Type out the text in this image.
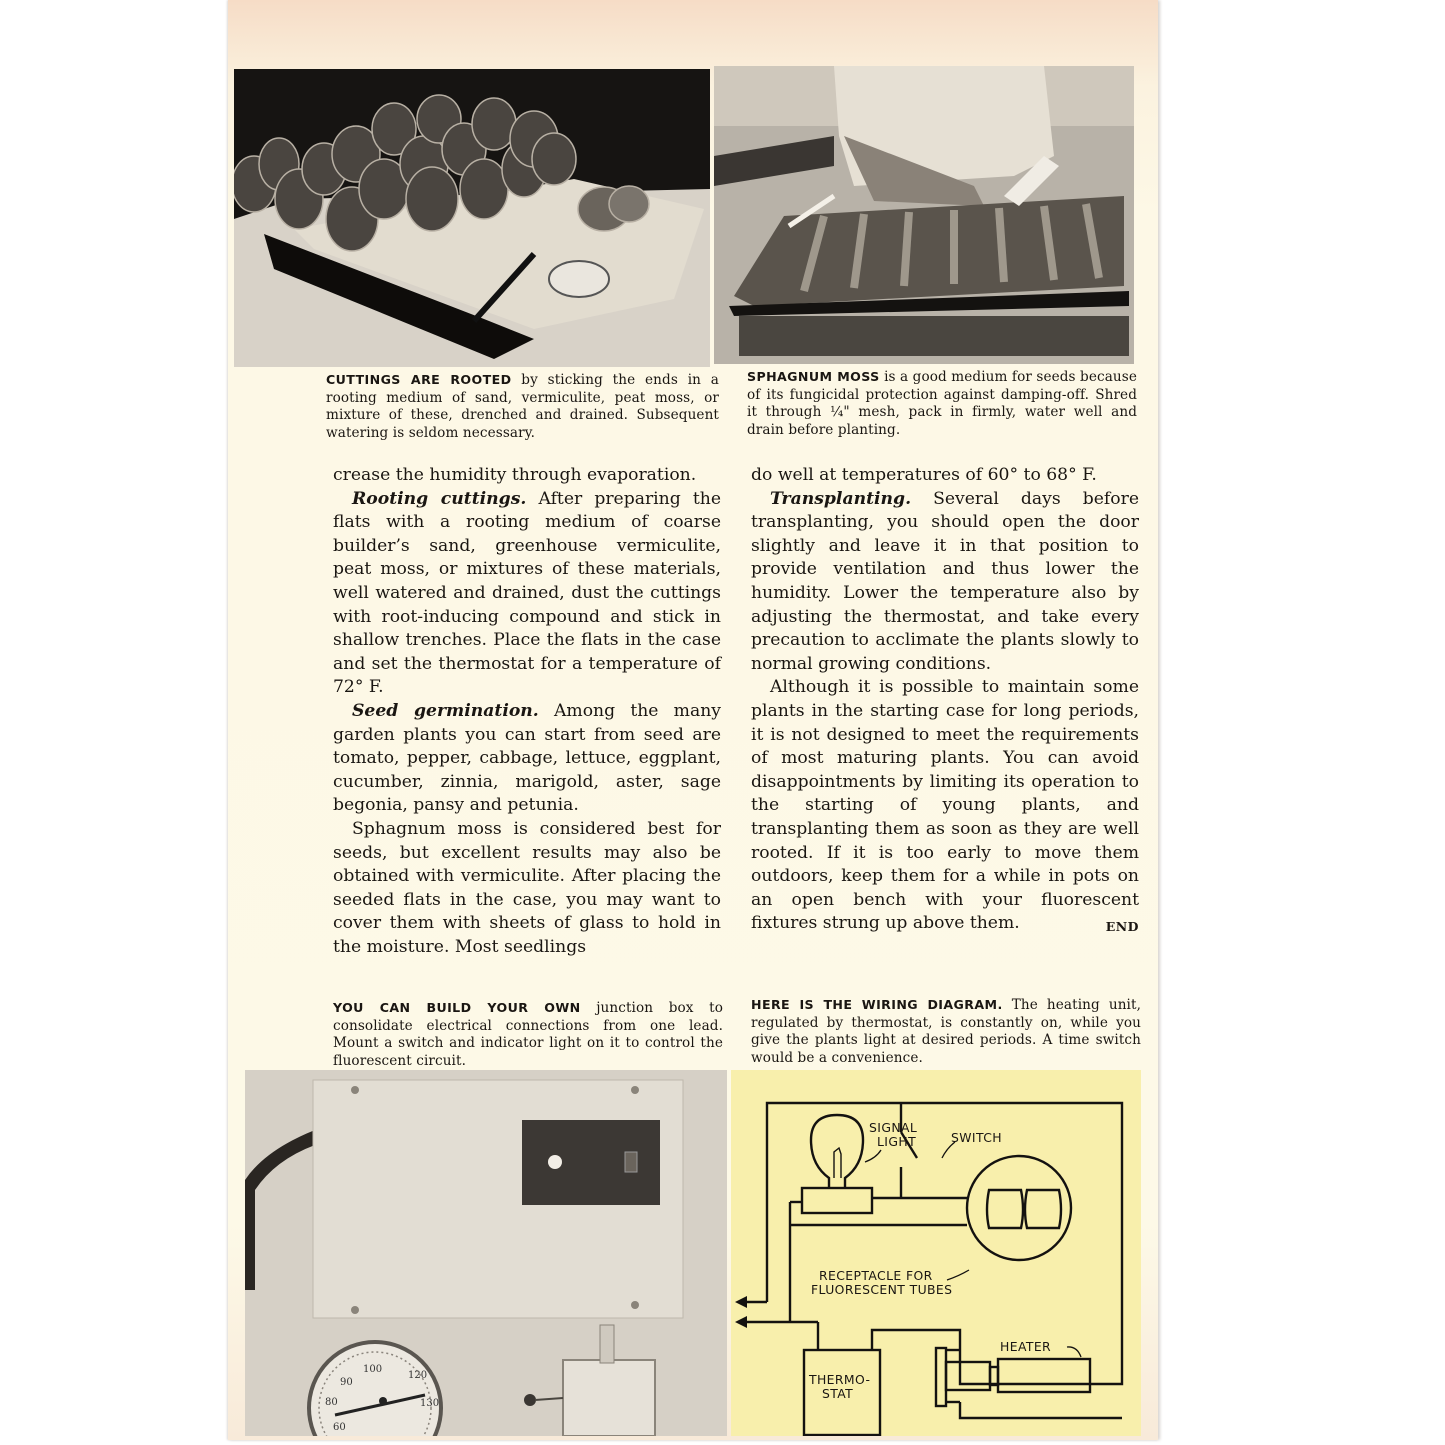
CUTTINGS ARE ROOTED by sticking the ends in a rooting medium of sand, vermiculite, peat moss, or mixture of these, drenched and drained. Subsequent watering is seldom necessary.
SPHAGNUM MOSS is a good medium for seeds because of its fungicidal protection against damping-off. Shred it through ¼" mesh, pack in firmly, water well and drain before planting.

crease the humidity through evaporation.

Rooting cuttings. After preparing the flats with a rooting medium of coarse builder’s sand, greenhouse vermiculite, peat moss, or mixtures of these materials, well watered and drained, dust the cuttings with root-inducing compound and stick in shallow trenches. Place the flats in the case and set the thermostat for a temperature of 72° F.

Seed germination. Among the many garden plants you can start from seed are tomato, pepper, cabbage, lettuce, eggplant, cucumber, zinnia, marigold, aster, sage begonia, pansy and petunia.

Sphagnum moss is considered best for seeds, but excellent results may also be obtained with vermiculite. After placing the seeded flats in the case, you may want to cover them with sheets of glass to hold in the moisture. Most seedlings

do well at temperatures of 60° to 68° F.

Transplanting. Several days before transplanting, you should open the door slightly and leave it in that position to provide ventilation and thus lower the humidity. Lower the temperature also by adjusting the thermostat, and take every precaution to acclimate the plants slowly to normal growing conditions.

Although it is possible to maintain some plants in the starting case for long periods, it is not designed to meet the requirements of most maturing plants. You can avoid disappointments by limiting its operation to the starting of young plants, and transplanting them as soon as they are well rooted. If it is too early to move them outdoors, keep them for a while in pots on an open bench with your fluorescent fixtures strung up above them.	END

YOU CAN BUILD YOUR OWN junction box to consolidate electrical connections from one lead. Mount a switch and indicator light on it to control the fluorescent circuit.
HERE IS THE WIRING DIAGRAM. The heating unit, regulated by thermostat, is constantly on, while you give the plants light at desired periods. A time switch would be a convenience.
100
90
120
80	130
60
SIGNAL
LIGHT	SWITCH
RECEPTACLE FOR
FLUORESCENT TUBES
HEATER
THERMO-
STAT
